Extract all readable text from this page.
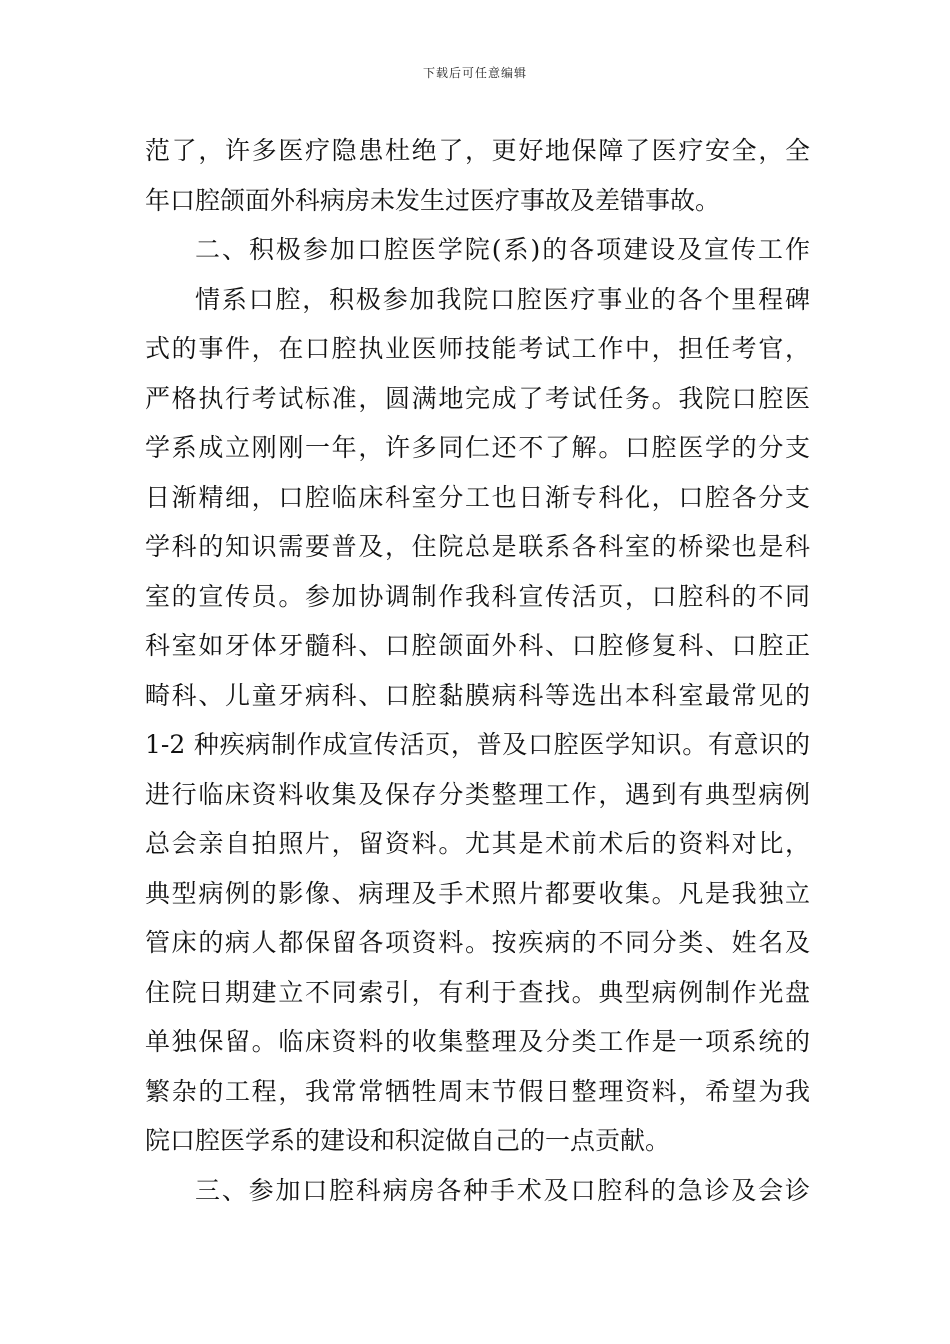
下载后可任意编辑
范了，许多医疗隐患杜绝了，更好地保障了医疗安全，全
年口腔颌面外科病房未发生过医疗事故及差错事故。
二、积极参加口腔医学院(系)的各项建设及宣传工作
情系口腔，积极参加我院口腔医疗事业的各个里程碑
式的事件，在口腔执业医师技能考试工作中，担任考官，
严格执行考试标准，圆满地完成了考试任务。我院口腔医
学系成立刚刚一年，许多同仁还不了解。口腔医学的分支
日渐精细，口腔临床科室分工也日渐专科化，口腔各分支
学科的知识需要普及，住院总是联系各科室的桥梁也是科
室的宣传员。参加协调制作我科宣传活页，口腔科的不同
科室如牙体牙髓科、口腔颌面外科、口腔修复科、口腔正
畸科、儿童牙病科、口腔黏膜病科等选出本科室最常见的
1-2 种疾病制作成宣传活页，普及口腔医学知识。有意识的
进行临床资料收集及保存分类整理工作，遇到有典型病例
总会亲自拍照片，留资料。尤其是术前术后的资料对比，
典型病例的影像、病理及手术照片都要收集。凡是我独立
管床的病人都保留各项资料。按疾病的不同分类、姓名及
住院日期建立不同索引，有利于查找。典型病例制作光盘
单独保留。临床资料的收集整理及分类工作是一项系统的
繁杂的工程，我常常牺牲周末节假日整理资料，希望为我
院口腔医学系的建设和积淀做自己的一点贡献。
三、参加口腔科病房各种手术及口腔科的急诊及会诊
